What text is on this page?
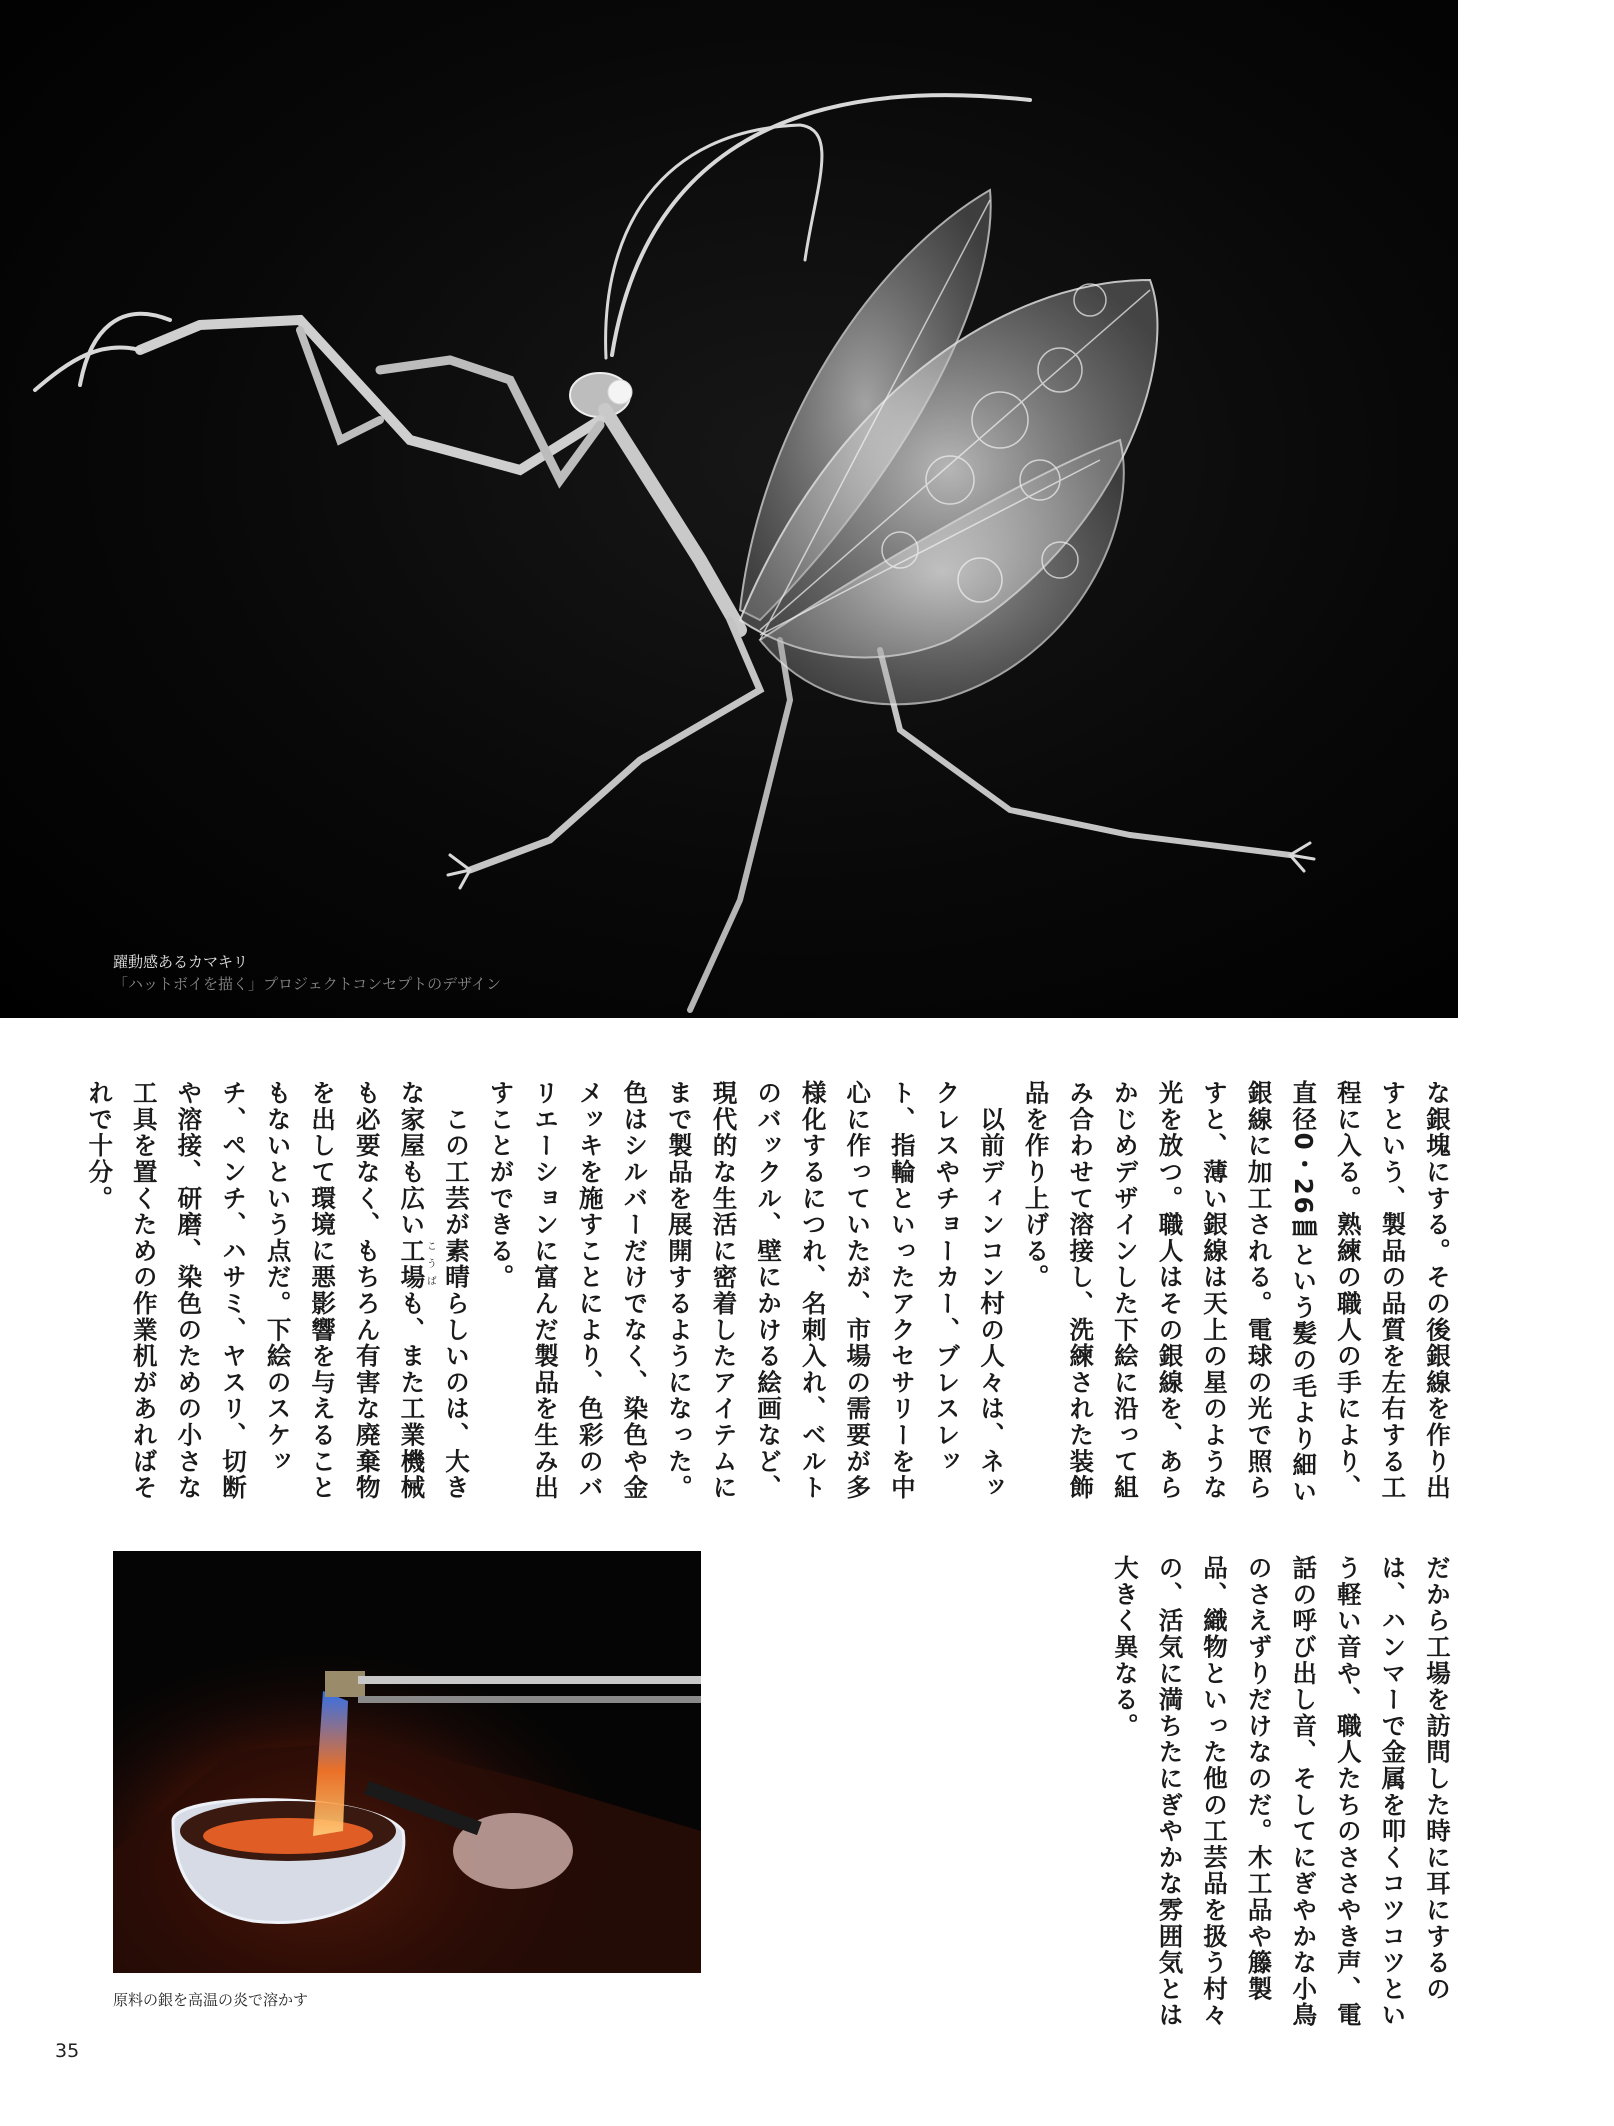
躍動感あるカマキリ
「ハットボイを描く」プロジェクトコンセプトのデザイン
な銀塊にする。その後銀線を作り出すという、製品の品質を左右する工程に入る。熟練の職人の手により、直径0・26㎜という髪の毛より細い銀線に加工される。電球の光で照らすと、薄い銀線は天上の星のような光を放つ。職人はその銀線を、あらかじめデザインした下絵に沿って組み合わせて溶接し、洗練された装飾品を作り上げる。
　以前ディンコン村の人々は、ネックレスやチョーカー、ブレスレット、指輪といったアクセサリーを中心に作っていたが、市場の需要が多様化するにつれ、名刺入れ、ベルトのバックル、壁にかける絵画など、現代的な生活に密着したアイテムにまで製品を展開するようになった。色はシルバーだけでなく、染色や金メッキを施すことにより、色彩のバリエーションに富んだ製品を生み出すことができる。
　この工芸が素晴らしいのは、大きな家屋も広い工場こうばも、また工業機械も必要なく、もちろん有害な廃棄物を出して環境に悪影響を与えることもないという点だ。下絵のスケッチ、ペンチ、ハサミ、ヤスリ、切断や溶接、研磨、染色のための小さな工具を置くための作業机があればそれで十分。
だから工場を訪問した時に耳にするのは、ハンマーで金属を叩くコツコツという軽い音や、職人たちのささやき声、電話の呼び出し音、そしてにぎやかな小鳥のさえずりだけなのだ。木工品や籐製品、織物といった他の工芸品を扱う村々の、活気に満ちたにぎやかな雰囲気とは大きく異なる。
原料の銀を高温の炎で溶かす
35
